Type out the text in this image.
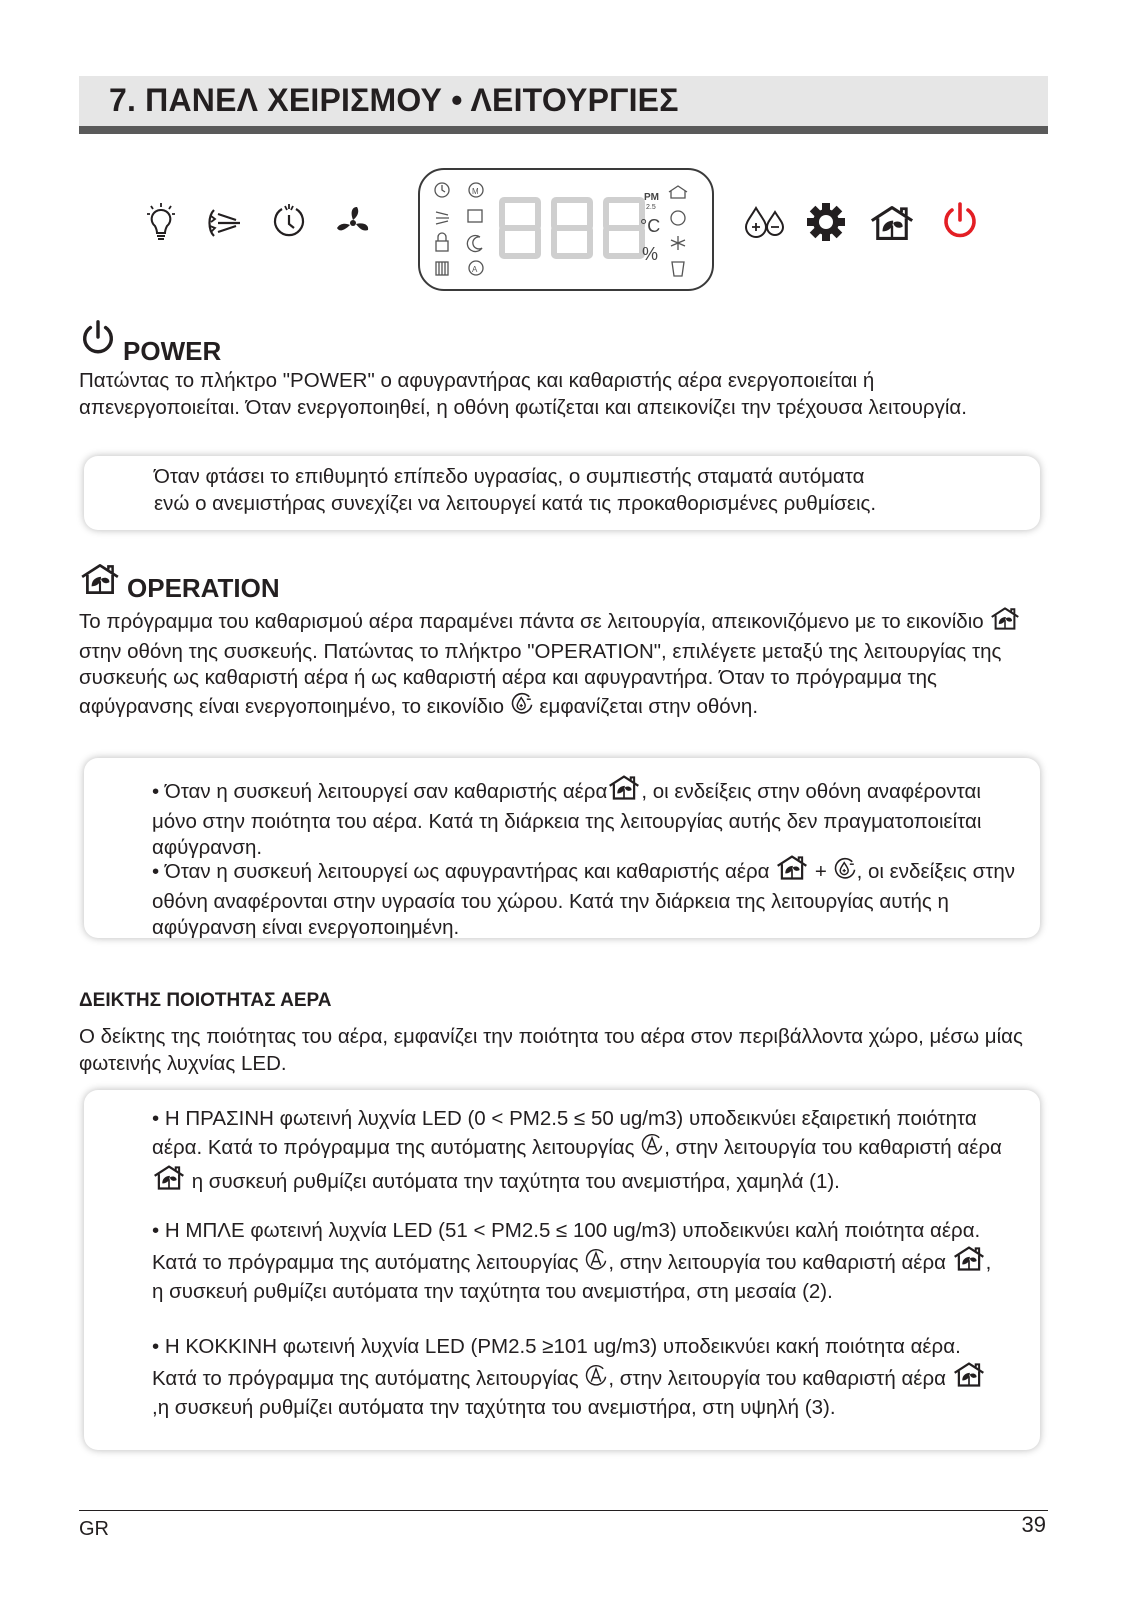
7. ΠΑΝΕΛ ΧΕΙΡΙΣΜΟΥ • ΛΕΙΤΟΥΡΓΙΕΣ
M
A
PM
2.5
°C
%
POWER

Πατώντας το πλήκτρο "POWER" ο αφυγραντήρας και καθαριστής αέρα ενεργοποιείται ή απενεργοποιείται. Όταν ενεργοποιηθεί, η οθόνη φωτίζεται και απεικονίζει την τρέχουσα λειτουργία.

Όταν φτάσει το επιθυμητό επίπεδο υγρασίας, ο συμπιεστής σταματά αυτόματα

ενώ ο ανεμιστήρας συνεχίζει να λειτουργεί κατά τις προκαθορισμένες ρυθμίσεις.

OPERATION

Το πρόγραμμα του καθαρισμού αέρα παραμένει πάντα σε λειτουργία, απεικονιζόμενο με το εικονίδιο  στην οθόνη της συσκευής. Πατώντας το πλήκτρο "OPERATION", επιλέγετε μεταξύ της λειτουργίας της συσκευής ως καθαριστή αέρα ή ως καθαριστή αέρα και αφυγραντήρα. Όταν το πρόγραμμα της αφύγρανσης είναι ενεργοποιημένο, το εικονίδιο εμφανίζεται στην οθόνη.

• Όταν η συσκευή λειτουργεί σαν καθαριστής αέρα , οι ενδείξεις στην οθόνη αναφέρονται μόνο στην ποιότητα του αέρα. Κατά τη διάρκεια της λειτουργίας αυτής δεν πραγματοποιείται αφύγρανση.

• Όταν η συσκευή λειτουργεί ως αφυγραντήρας και καθαριστής αέρα + , οι ενδείξεις στην οθόνη αναφέρονται στην υγρασία του χώρου. Κατά την διάρκεια της λειτουργίας αυτής η αφύγρανση είναι ενεργοποιημένη.

ΔΕΙΚΤΗΣ ΠΟΙΟΤΗΤΑΣ ΑΕΡΑ

Ο δείκτης της ποιότητας του αέρα, εμφανίζει την ποιότητα του αέρα στον περιβάλλοντα χώρο, μέσω μίας φωτεινής λυχνίας LED.

• Η ΠΡΑΣΙΝΗ φωτεινή λυχνία LED (0 < PM2.5 ≤ 50 ug/m3) υποδεικνύει εξαιρετική ποιότητα αέρα. Κατά το πρόγραμμα της αυτόματης λειτουργίας , στην λειτουργία του καθαριστή αέρα η συσκευή ρυθμίζει αυτόματα την ταχύτητα του ανεμιστήρα, χαμηλά (1).

• Η ΜΠΛΕ φωτεινή λυχνία LED (51 < PM2.5 ≤ 100 ug/m3) υποδεικνύει καλή ποιότητα αέρα. Κατά το πρόγραμμα της αυτόματης λειτουργίας , στην λειτουργία του καθαριστή αέρα , η συσκευή ρυθμίζει αυτόματα την ταχύτητα του ανεμιστήρα, στη μεσαία (2).

• Η ΚΟΚΚΙΝΗ φωτεινή λυχνία LED (PM2.5 ≥101 ug/m3) υποδεικνύει κακή ποιότητα αέρα. Κατά το πρόγραμμα της αυτόματης λειτουργίας , στην λειτουργία του καθαριστή αέρα ,η συσκευή ρυθμίζει αυτόματα την ταχύτητα του ανεμιστήρα, στη υψηλή (3).

GR	39
